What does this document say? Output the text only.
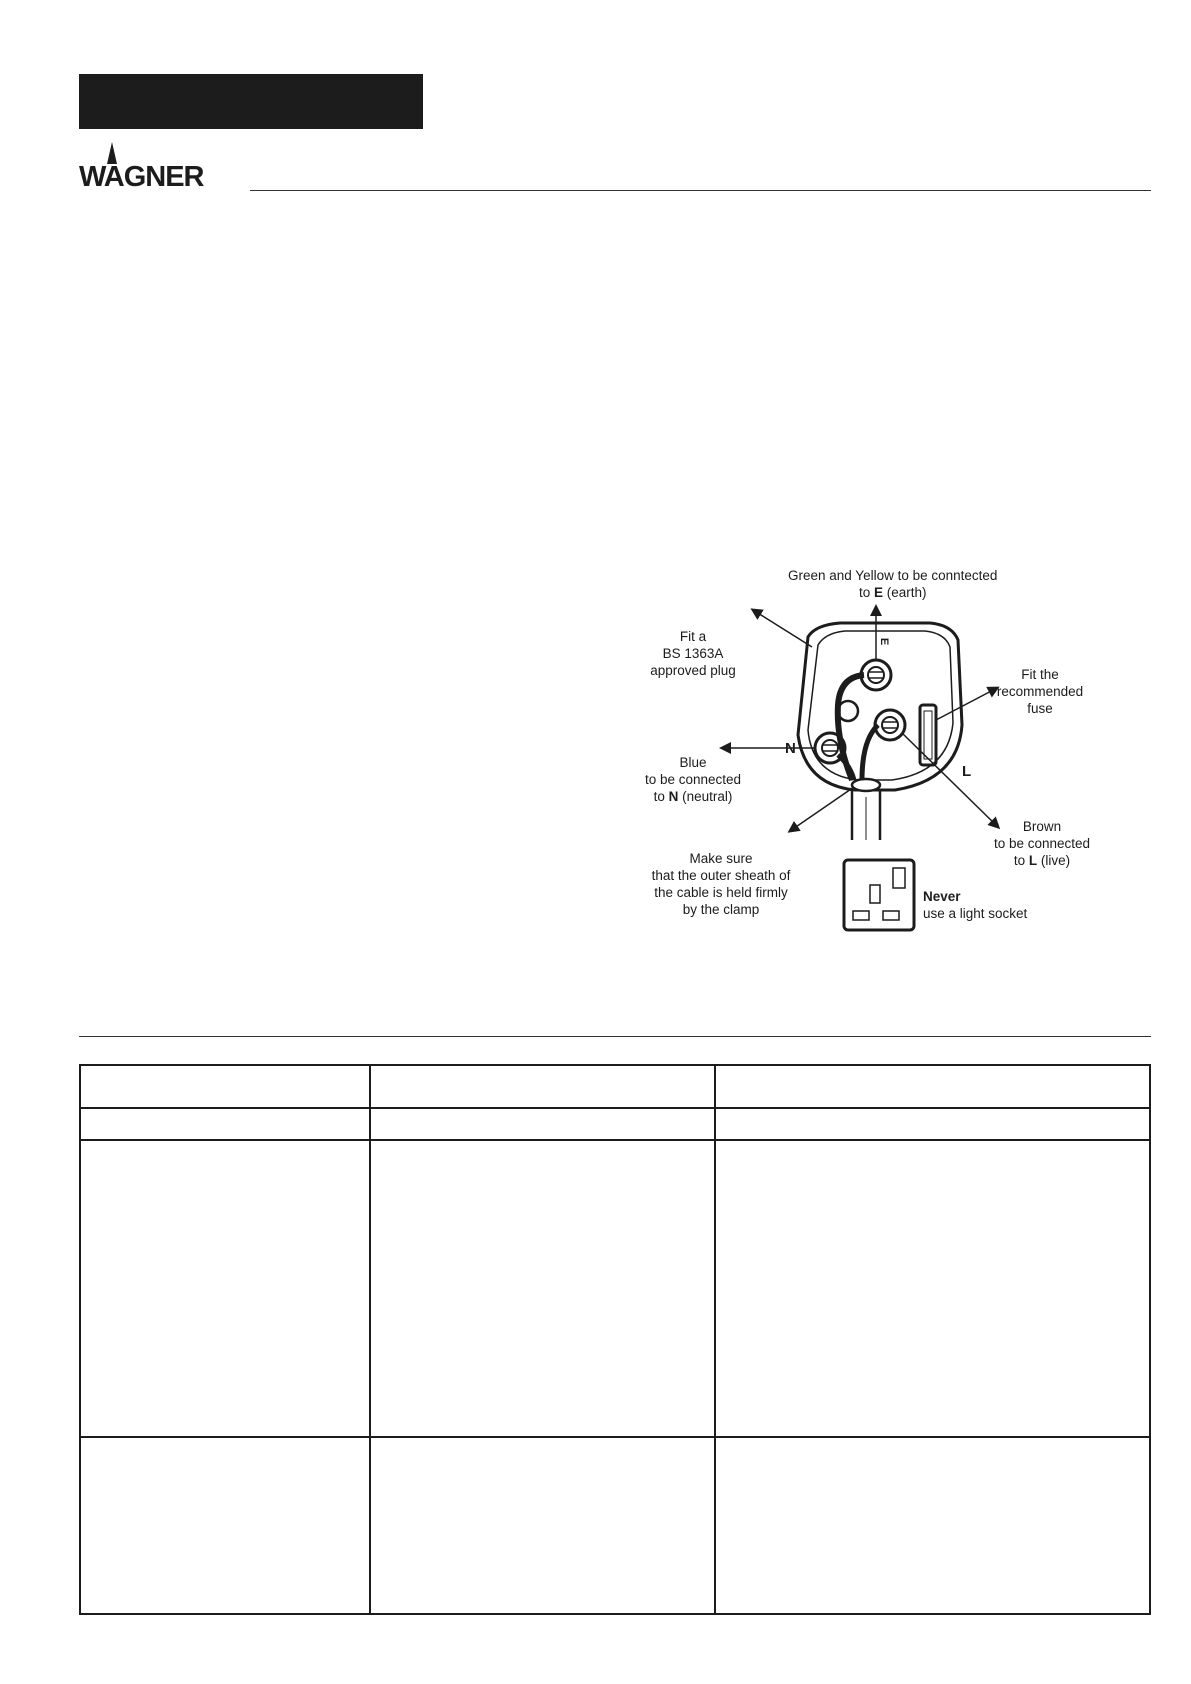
WAGNER
Green and Yellow to be conntected
to E (earth)
Fit a
BS 1363A
approved plug	Fit the
recommended
fuse
Blue
to be connected
to N (neutral)
Brown
to be connected
to L (live)
Make sure
that the outer sheath of
the cable is held firmly
by the clamp
Never
use a light socket
E
N
L
